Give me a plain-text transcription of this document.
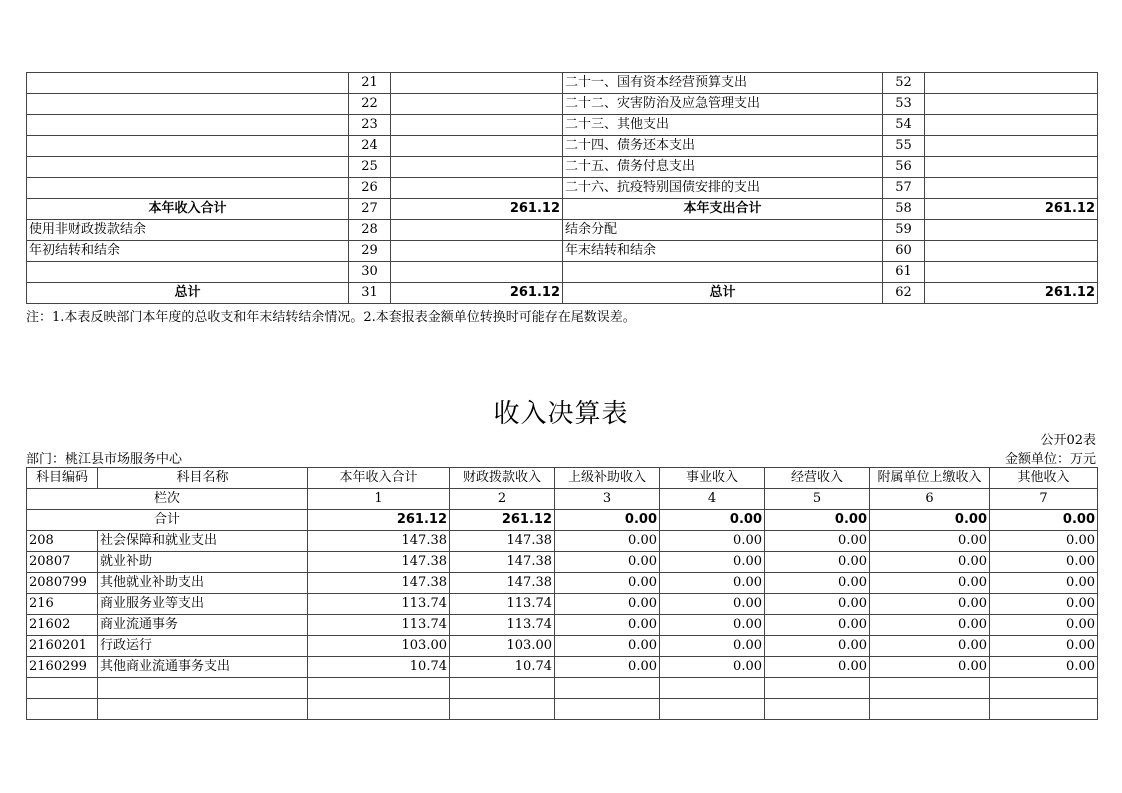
	21		二十一、国有资本经营预算支出	52	
	22		二十二、灾害防治及应急管理支出	53	
	23		二十三、其他支出	54	
	24		二十四、债务还本支出	55	
	25		二十五、债务付息支出	56	
	26		二十六、抗疫特别国债安排的支出	57	
本年收入合计	27	261.12	本年支出合计	58	261.12
使用非财政拨款结余	28		结余分配	59	
年初结转和结余	29		年末结转和结余	60	
	30			61	
总计	31	261.12	总计	62	261.12
注：1.本表反映部门本年度的总收支和年末结转结余情况。2.本套报表金额单位转换时可能存在尾数误差。
收入决算表
公开02表
部门：桃江县市场服务中心	金额单位：万元
科目编码	科目名称	本年收入合计	财政拨款收入	上级补助收入	事业收入	经营收入	附属单位上缴收入	其他收入
栏次		1	2	3	4	5	6	7
合计		261.12	261.12	0.00	0.00	0.00	0.00	0.00
208	社会保障和就业支出	147.38	147.38	0.00	0.00	0.00	0.00	0.00
20807	就业补助	147.38	147.38	0.00	0.00	0.00	0.00	0.00
2080799	其他就业补助支出	147.38	147.38	0.00	0.00	0.00	0.00	0.00
216	商业服务业等支出	113.74	113.74	0.00	0.00	0.00	0.00	0.00
21602	商业流通事务	113.74	113.74	0.00	0.00	0.00	0.00	0.00
2160201	行政运行	103.00	103.00	0.00	0.00	0.00	0.00	0.00
2160299	其他商业流通事务支出	10.74	10.74	0.00	0.00	0.00	0.00	0.00
